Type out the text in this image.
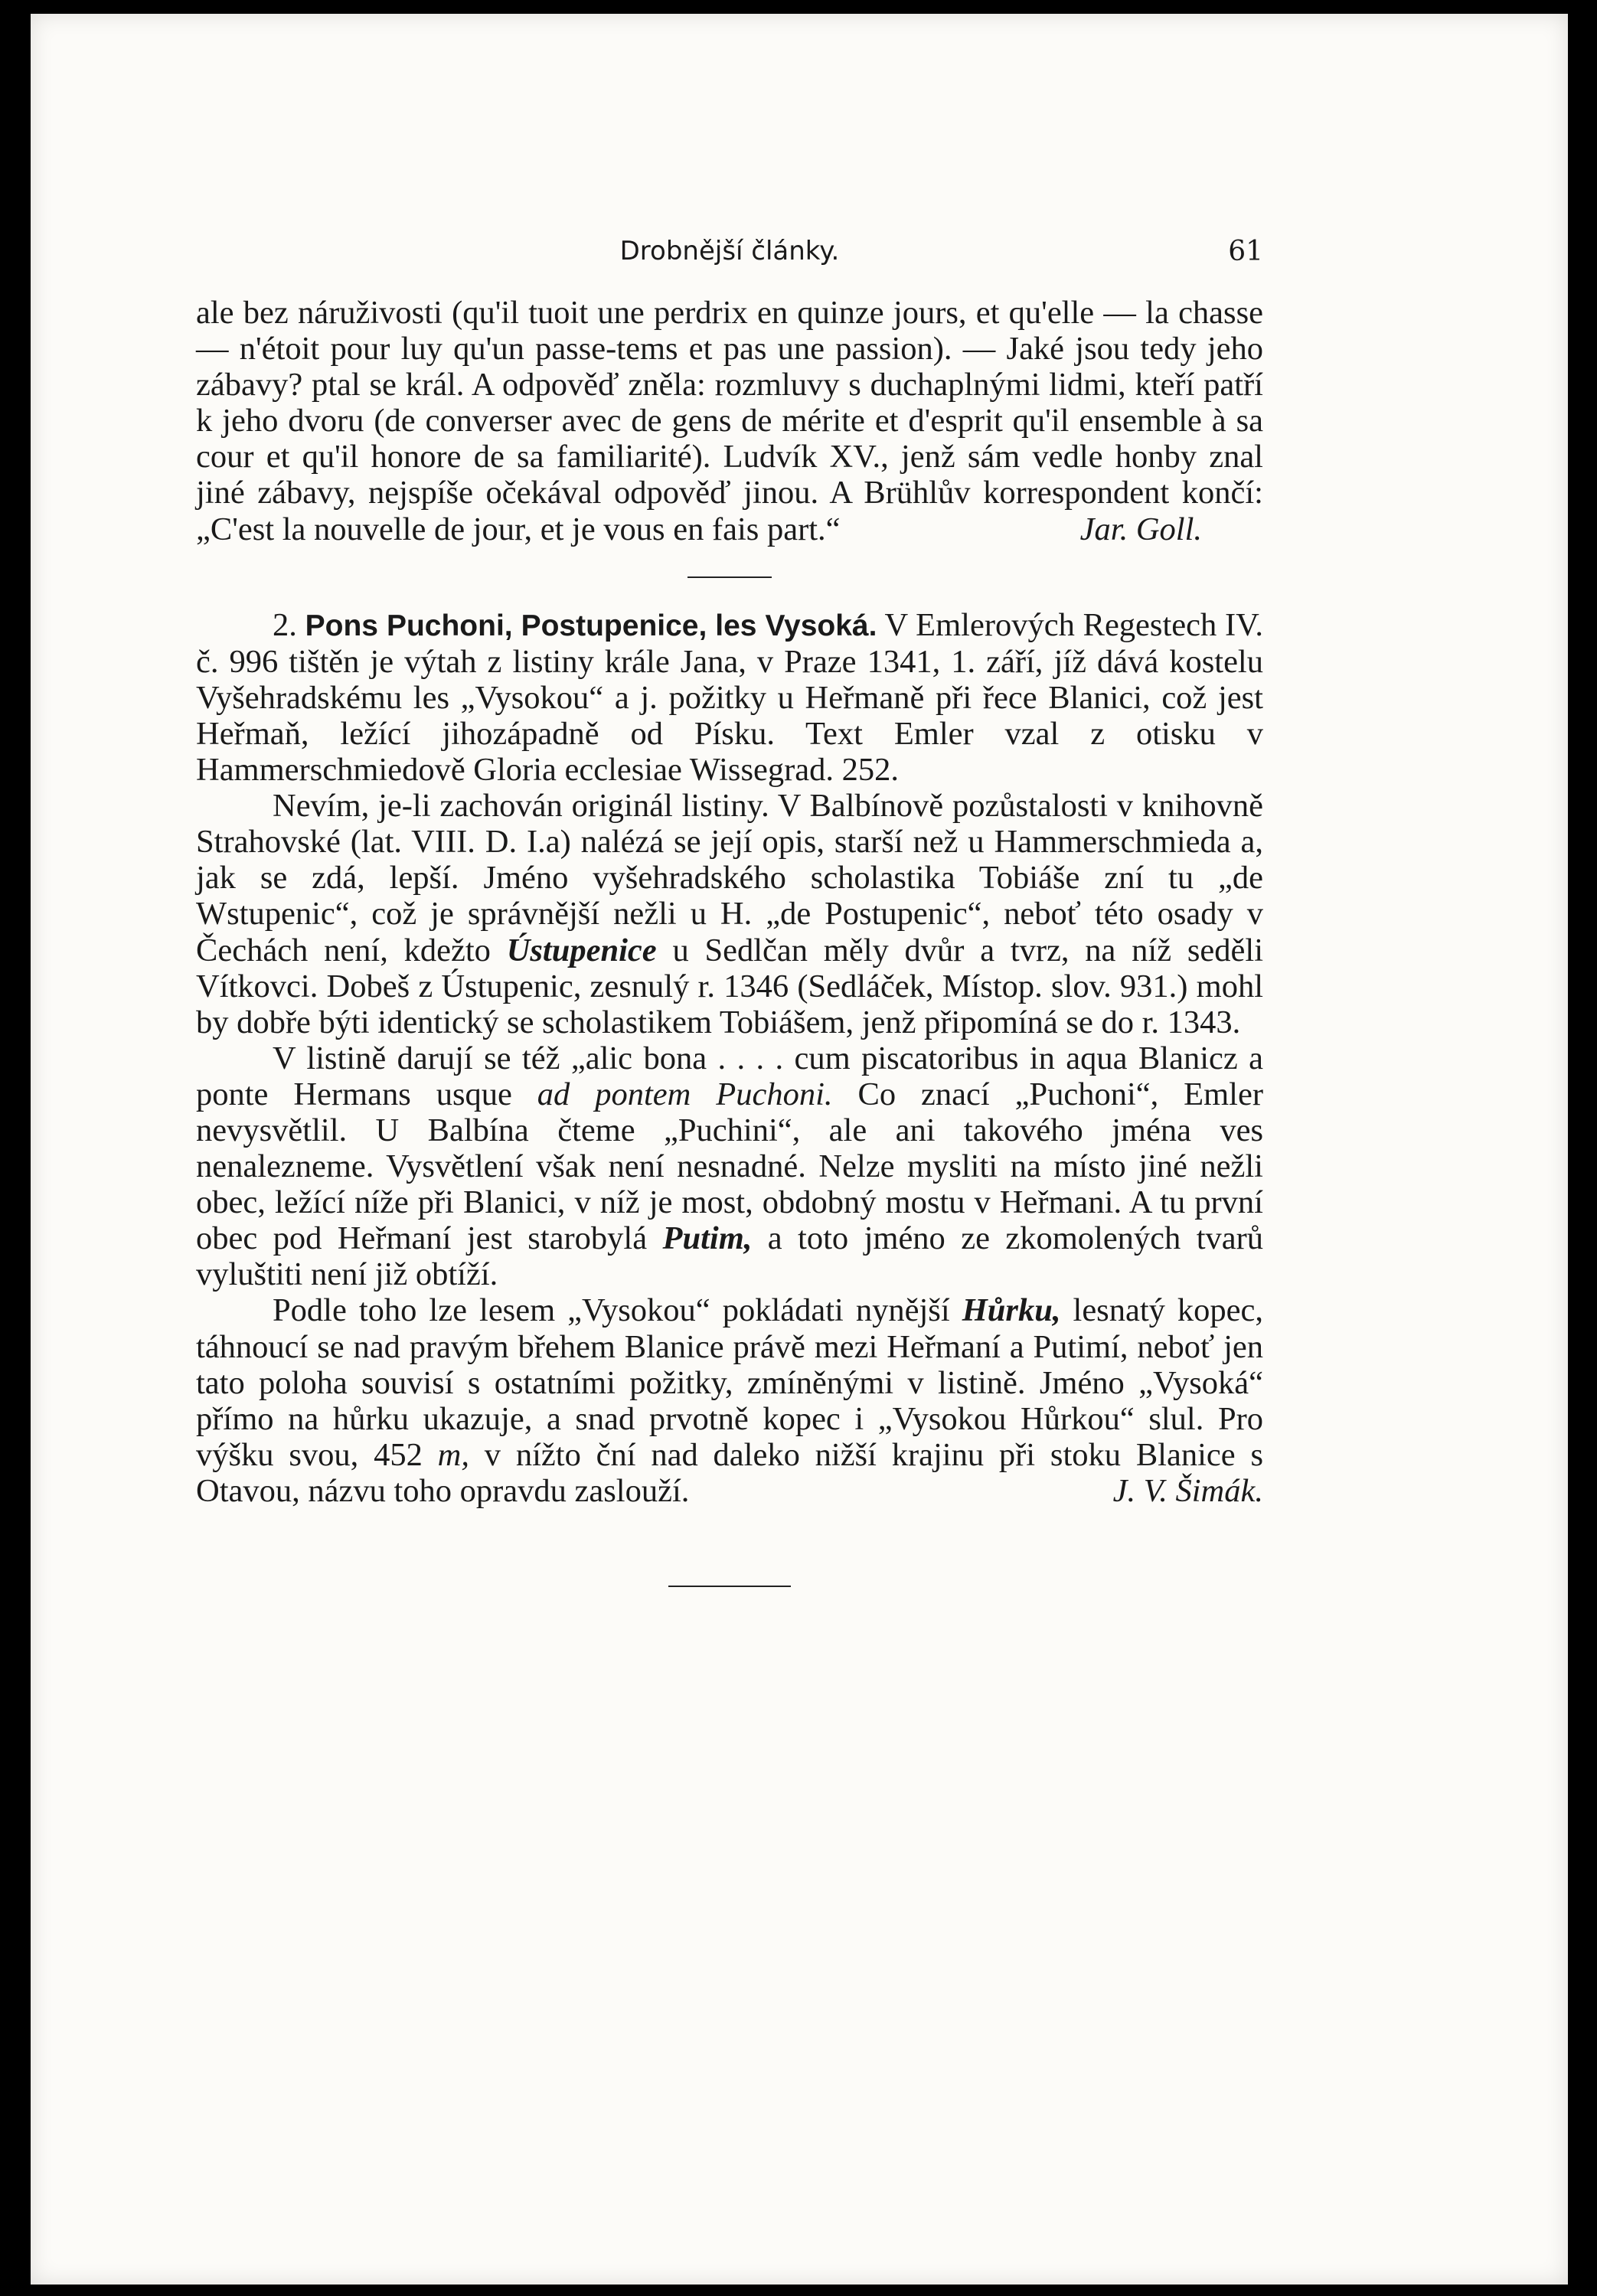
Drobnější články.	61

ale bez náruživosti (qu'il tuoit une perdrix en quinze jours, et qu'elle — la chasse — n'étoit pour luy qu'un passe-tems et pas une passion). — Jaké jsou tedy jeho zábavy? ptal se král. A odpověď zněla: rozmluvy s duchaplnými lidmi, kteří patří k jeho dvoru (de converser avec de gens de mérite et d'esprit qu'il ensemble à sa cour et qu'il honore de sa familiarité). Ludvík XV., jenž sám vedle honby znal jiné zábavy, nejspíše očekával odpověď jinou. A Brühlův korrespondent končí: „C'est la nouvelle de jour, et je vous en fais part.“	Jar. Goll.

2. Pons Puchoni, Postupenice, les Vysoká. V Emlerových Regestech IV. č. 996 tištěn je výtah z listiny krále Jana, v Praze 1341, 1. září, jíž dává kostelu Vyšehradskému les „Vysokou“ a j. požitky u Heřmaně při řece Blanici, což jest Heřmaň, ležící jihozápadně od Písku. Text Emler vzal z otisku v Hammerschmiedově Gloria ecclesiae Wissegrad. 252.

Nevím, je-li zachován originál listiny. V Balbínově pozůstalosti v knihovně Strahovské (lat. VIII. D. I.a) nalézá se její opis, starší než u Hammerschmieda a, jak se zdá, lepší. Jméno vyšehradského scholastika Tobiáše zní tu „de Wstupenic“, což je správnější nežli u H. „de Postupenic“, neboť této osady v Čechách není, kdežto Ústupenice u Sedlčan měly dvůr a tvrz, na níž seděli Vítkovci. Dobeš z Ústupenic, zesnulý r. 1346 (Sedláček, Místop. slov. 931.) mohl by dobře býti identický se scholastikem Tobiášem, jenž připomíná se do r. 1343.

V listině darují se též „alic bona . . . . cum piscatoribus in aqua Blanicz a ponte Hermans usque ad pontem Puchoni. Co znací „Puchoni“, Emler nevysvětlil. U Balbína čteme „Puchini“, ale ani takového jména ves nenalezneme. Vysvětlení však není nesnadné. Nelze mysliti na místo jiné nežli obec, ležící níže při Blanici, v níž je most, obdobný mostu v Heřmani. A tu první obec pod Heřmaní jest starobylá Putim, a toto jméno ze zkomolených tvarů vyluštiti není již obtíží.

Podle toho lze lesem „Vysokou“ pokládati nynější Hůrku, lesnatý kopec, táhnoucí se nad pravým břehem Blanice právě mezi Heřmaní a Putimí, neboť jen tato poloha souvisí s ostatními požitky, zmíněnými v listině. Jméno „Vysoká“ přímo na hůrku ukazuje, a snad prvotně kopec i „Vysokou Hůrkou“ slul. Pro výšku svou, 452 m, v nížto ční nad daleko nižší krajinu při stoku Blanice s Otavou, názvu toho opravdu zaslouží.	J. V. Šimák.
